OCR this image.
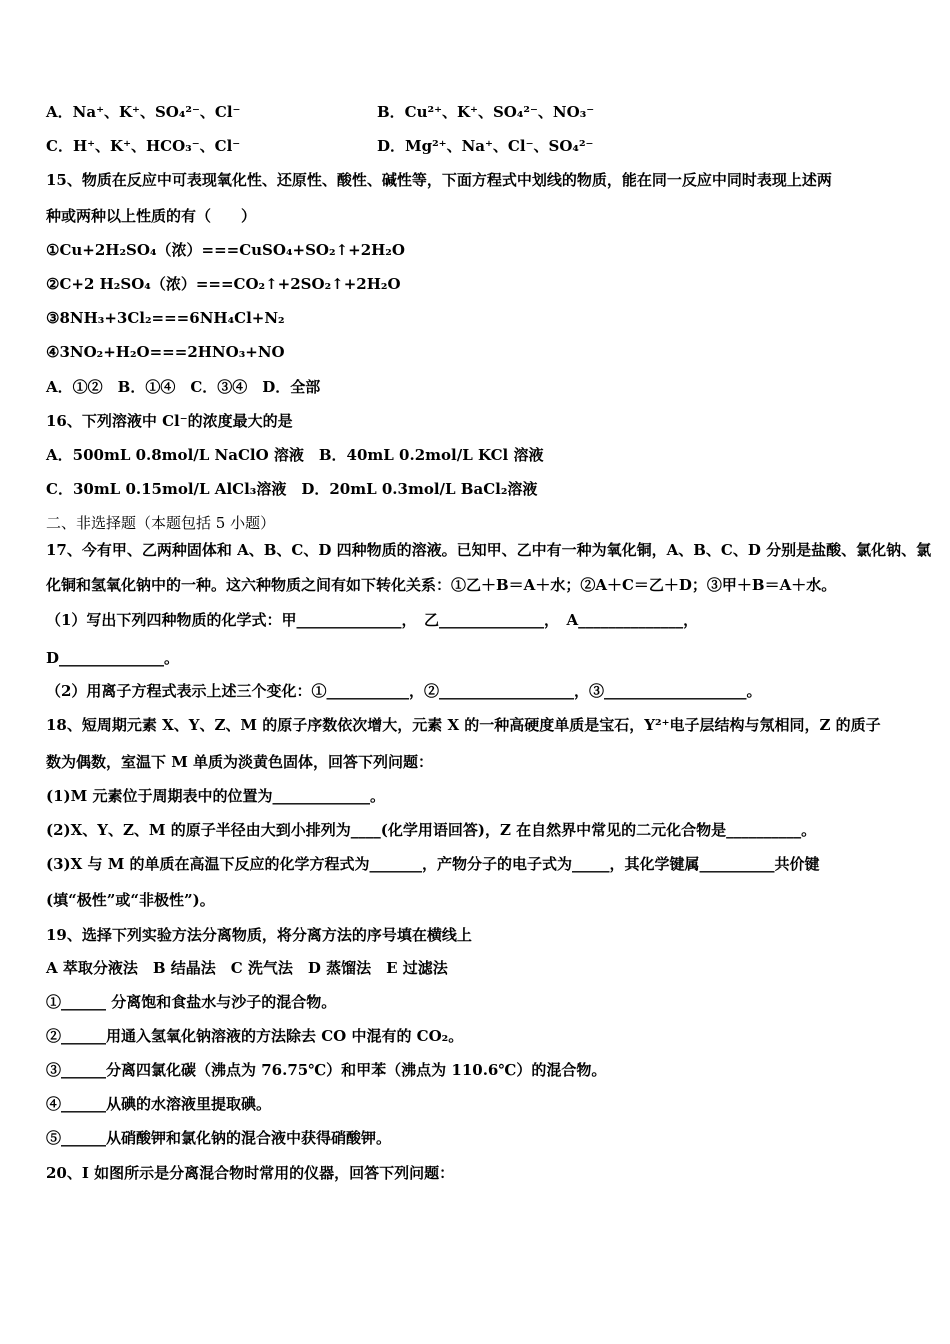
A．Na⁺、K⁺、SO₄²⁻、Cl⁻	B．Cu²⁺、K⁺、SO₄²⁻、NO₃⁻
C．H⁺、K⁺、HCO₃⁻、Cl⁻	D．Mg²⁺、Na⁺、Cl⁻、SO₄²⁻
15、物质在反应中可表现氧化性、还原性、酸性、碱性等，下面方程式中划线的物质，能在同一反应中同时表现上述两
种或两种以上性质的有（　　）
①Cu+2H₂SO₄（浓）===CuSO₄+SO₂↑+2H₂O
②C+2 H₂SO₄（浓）===CO₂↑+2SO₂↑+2H₂O
③8NH₃+3Cl₂===6NH₄Cl+N₂
④3NO₂+H₂O===2HNO₃+NO
A．①②　B．①④　C．③④　D．全部
16、下列溶液中 Cl⁻的浓度最大的是
A．500mL 0.8mol/L NaClO 溶液　B．40mL 0.2mol/L KCl 溶液
C．30mL 0.15mol/L AlCl₃溶液　D．20mL 0.3mol/L BaCl₂溶液
二、非选择题（本题包括 5 小题）
17、今有甲、乙两种固体和 A、B、C、D 四种物质的溶液。已知甲、乙中有一种为氧化铜，A、B、C、D 分别是盐酸、氯化钠、氯
化铜和氢氧化钠中的一种。这六种物质之间有如下转化关系：①乙＋B＝A＋水；②A＋C＝乙＋D；③甲＋B＝A＋水。
（1）写出下列四种物质的化学式：甲______________，　乙______________，　A______________，
D______________。
（2）用离子方程式表示上述三个变化：①___________，②__________________，③___________________。
18、短周期元素 X、Y、Z、M 的原子序数依次增大，元素 X 的一种高硬度单质是宝石，Y²⁺电子层结构与氖相同，Z 的质子
数为偶数，室温下 M 单质为淡黄色固体，回答下列问题：
(1)M 元素位于周期表中的位置为_____________。
(2)X、Y、Z、M 的原子半径由大到小排列为____(化学用语回答)，Z 在自然界中常见的二元化合物是__________。
(3)X 与 M 的单质在高温下反应的化学方程式为_______，产物分子的电子式为_____，其化学键属__________共价键
(填“极性”或“非极性”)。
19、选择下列实验方法分离物质，将分离方法的序号填在横线上
A 萃取分液法　B 结晶法　C 洗气法　D 蒸馏法　E 过滤法
①______ 分离饱和食盐水与沙子的混合物。
②______用通入氢氧化钠溶液的方法除去 CO 中混有的 CO₂。
③______分离四氯化碳（沸点为 76.75℃）和甲苯（沸点为 110.6℃）的混合物。
④______从碘的水溶液里提取碘。
⑤______从硝酸钾和氯化钠的混合液中获得硝酸钾。
20、I 如图所示是分离混合物时常用的仪器，回答下列问题：
